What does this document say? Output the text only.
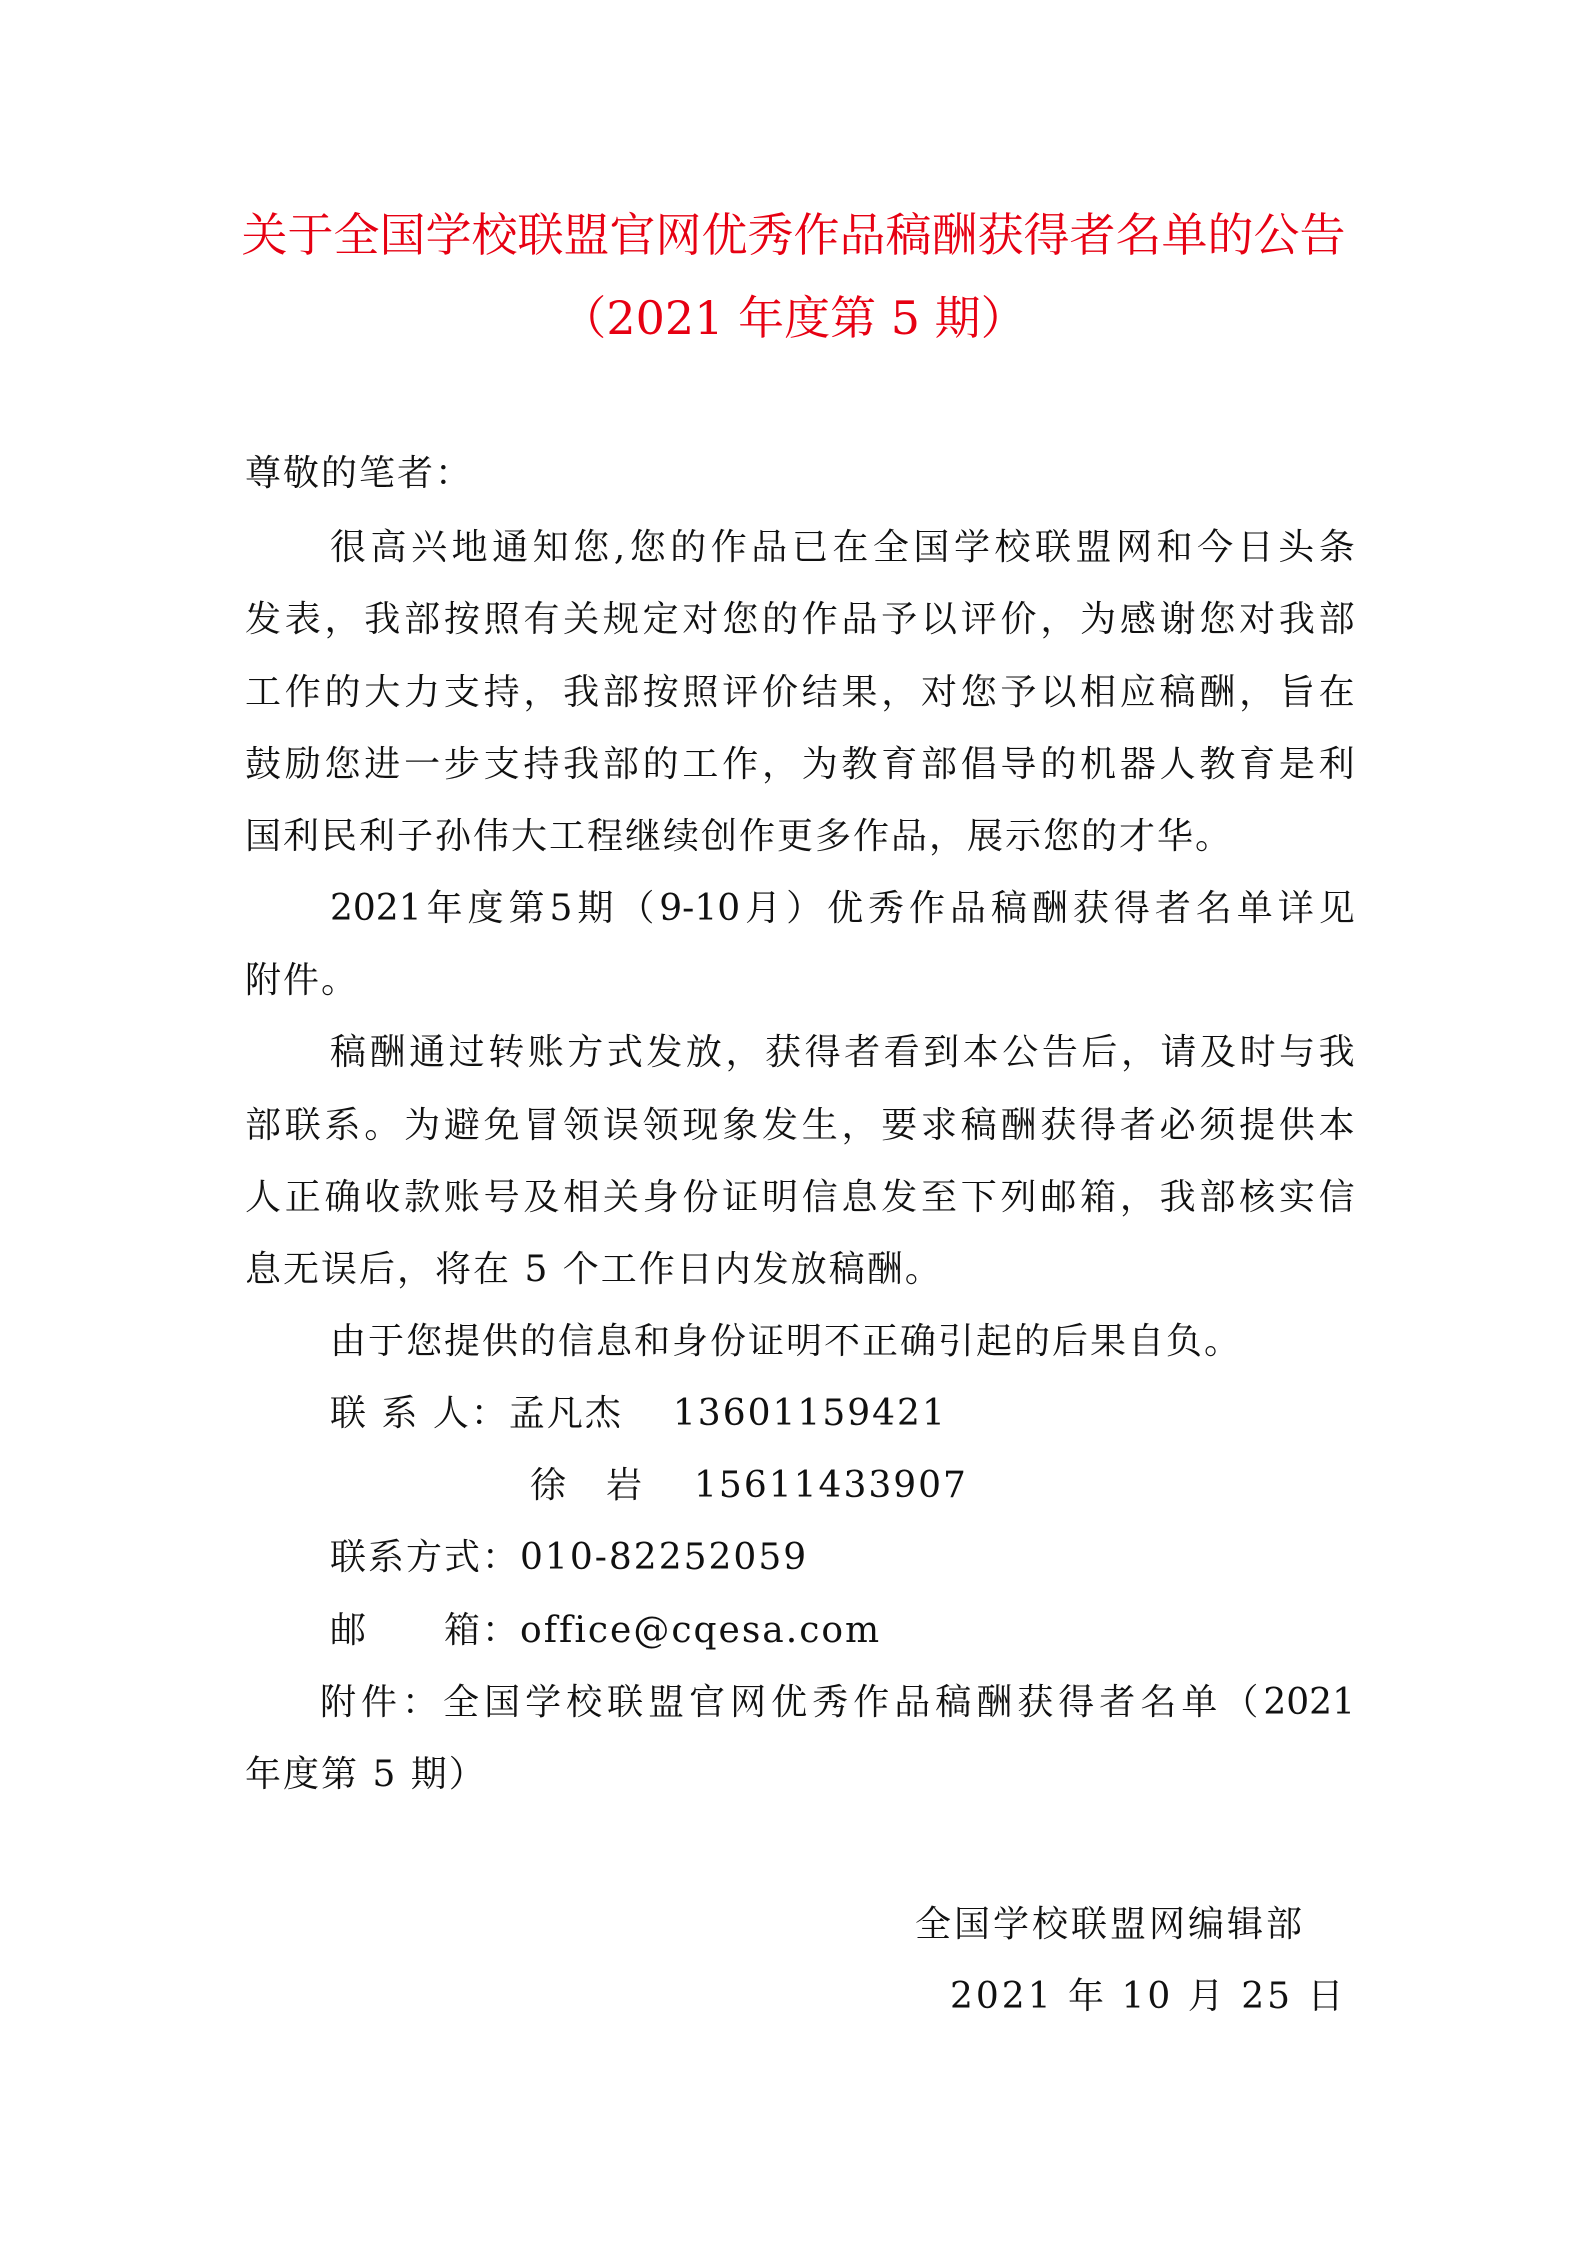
关于全国学校联盟官网优秀作品稿酬获得者名单的公告
（2021 年度第 5 期）
尊敬的笔者：
很 高 兴 地 通 知 您 , 您 的 作 品 已 在 全 国 学 校 联 盟 网 和 今 日 头 条
发 表 ， 我 部 按 照 有 关 规 定 对 您 的 作 品 予 以 评 价 ， 为 感 谢 您 对 我 部
工 作 的 大 力 支 持 ， 我 部 按 照 评 价 结 果 ， 对 您 予 以 相 应 稿 酬 ， 旨 在
鼓 励 您 进 一 步 支 持 我 部 的 工 作 ， 为 教 育 部 倡 导 的 机 器 人 教 育 是 利
国利民利子孙伟大工程继续创作更多作品，展示您的才华。
2021 年 度 第 5 期 （ 9-10 月 ） 优 秀 作 品 稿 酬 获 得 者 名 单 详 见
附件。
稿 酬 通 过 转 账 方 式 发 放 ， 获 得 者 看 到 本 公 告 后 ， 请 及 时 与 我
部 联 系 。 为 避 免 冒 领 误 领 现 象 发 生 ， 要 求 稿 酬 获 得 者 必 须 提 供 本
人 正 确 收 款 账 号 及 相 关 身 份 证 明 信 息 发 至 下 列 邮 箱 ， 我 部 核 实 信
息无误后，将在 5 个工作日内发放稿酬。
由于您提供的信息和身份证明不正确引起的后果自负。
联 系 人：孟凡杰 13601159421
徐　岩 15611433907
联系方式：010-82252059
邮　　箱：office@cqesa.com
附 件 ： 全 国 学 校 联 盟 官 网 优 秀 作 品 稿 酬 获 得 者 名 单 （ 2021
年度第 5 期）
全国学校联盟网编辑部
2021 年 10 月 25 日
